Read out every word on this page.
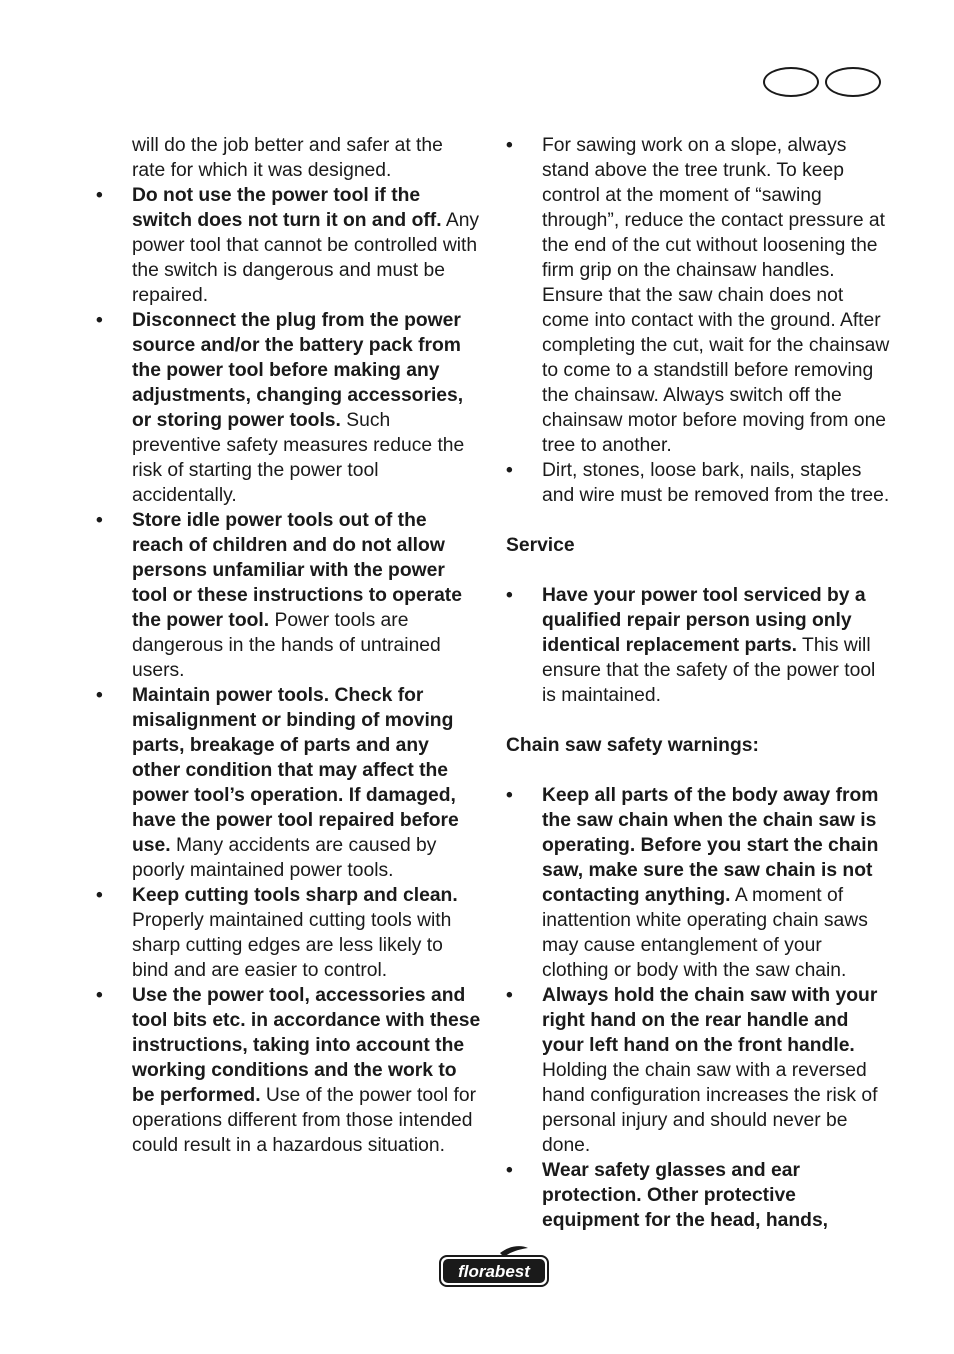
will do the job better and safer at the rate for which it was designed.
• Do not use the power tool if the switch does not turn it on and off. Any power tool that cannot be controlled with the switch is dangerous and must be repaired.
• Disconnect the plug from the power source and/or the battery pack from the power tool before making any adjustments, changing accessories, or storing power tools. Such preventive safety measures reduce the risk of starting the power tool accidentally.
• Store idle power tools out of the reach of children and do not allow persons unfamiliar with the power tool or these instructions to operate the power tool. Power tools are dangerous in the hands of untrained users.
• Maintain power tools. Check for misalignment or binding of moving parts, breakage of parts and any other condition that may affect the power tool’s operation. If damaged, have the power tool repaired before use. Many accidents are caused by poorly maintained power tools.
• Keep cutting tools sharp and clean. Properly maintained cutting tools with sharp cutting edges are less likely to bind and are easier to control.
• Use the power tool, accessories and tool bits etc. in accordance with these instructions, taking into account the working conditions and the work to be performed. Use of the power tool for operations different from those intended could result in a hazardous situation.
• For sawing work on a slope, always stand above the tree trunk. To keep control at the moment of “sawing through”, reduce the contact pressure at the end of the cut without loosening the firm grip on the chainsaw handles. Ensure that the saw chain does not come into contact with the ground. After completing the cut, wait for the chainsaw to come to a standstill before removing the chainsaw. Always switch off the chainsaw motor before moving from one tree to another.
• Dirt, stones, loose bark, nails, staples and wire must be removed from the tree.

Service

• Have your power tool serviced by a qualified repair person using only identical replacement parts. This will ensure that the safety of the power tool is maintained.

Chain saw safety warnings:

• Keep all parts of the body away from the saw chain when the chain saw is operating. Before you start the chain saw, make sure the saw chain is not contacting anything. A moment of inattention white operating chain saws may cause entanglement of your clothing or body with the saw chain.
• Always hold the chain saw with your right hand on the rear handle and your left hand on the front handle. Holding the chain saw with a reversed hand configuration increases the risk of personal injury and should never be done.
• Wear safety glasses and ear protection. Other protective equipment for the head, hands,
florabest
